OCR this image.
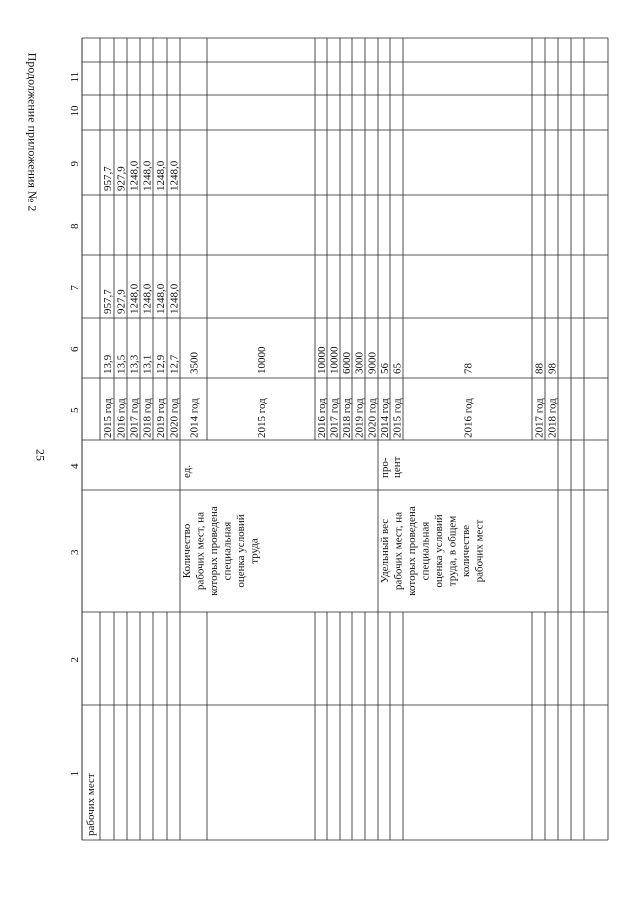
25
Продолжение приложения № 2
1
2
3
4
5
6
7
8
9
10
11
рабочих мест
2015 год
13,9
957,7
957,7
2016 год
13,5
927,9
927,9
2017 год
13,3
1248,0
1248,0
2018 год
13,1
1248,0
1248,0
2019 год
12,9
1248,0
1248,0
2020 год
12,7
1248,0
1248,0
2014 год
3500
2015 год
10000
2016 год
10000
2017 год
10000
2018 год
6000
2019 год
3000
2020 год
9000
2014 год
56
2015 год
65
2016 год
78
2017 год
88
2018 год
98
Количество рабочих мест, на которых проведена специальная оценка условий труда
ед.
Удельный вес рабочих мест, на которых проведена специальная оценка условий труда, в общем количестве рабочих мест
про- цент
